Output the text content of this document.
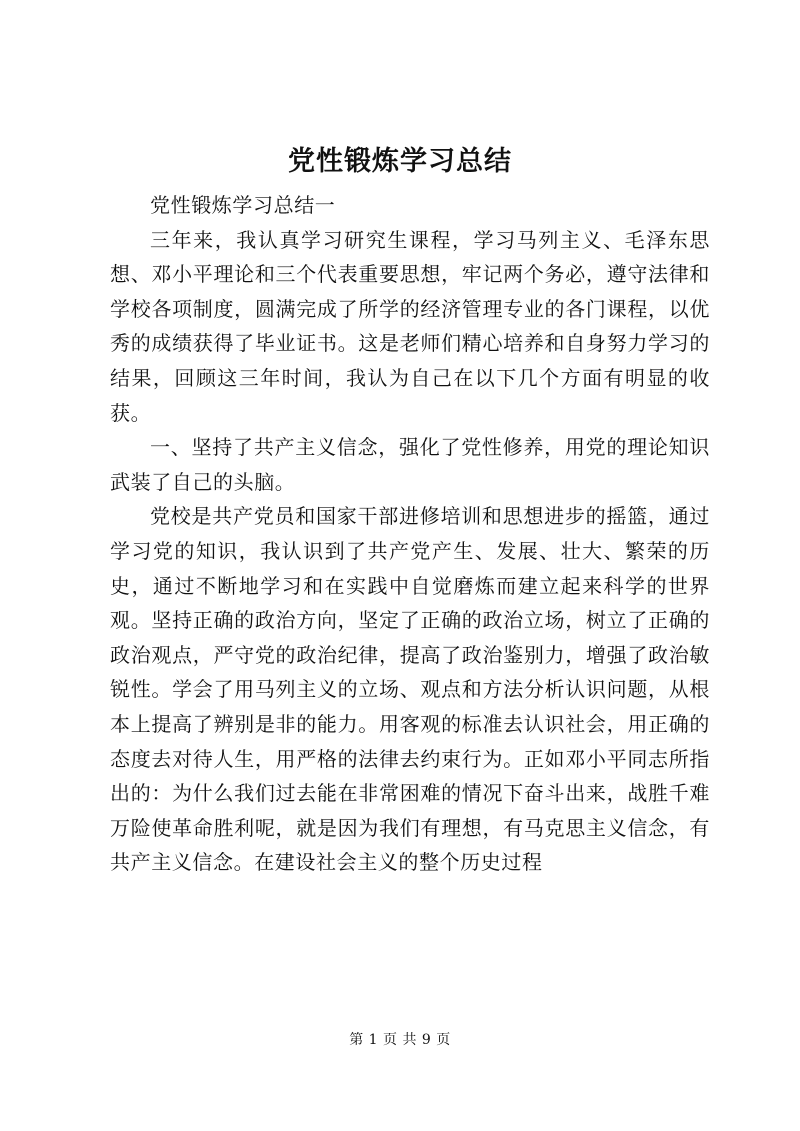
党性锻炼学习总结

党性锻炼学习总结一

三年来，我认真学习研究生课程，学习马列主义、毛泽东思想、邓小平理论和三个代表重要思想，牢记两个务必，遵守法律和学校各项制度，圆满完成了所学的经济管理专业的各门课程，以优秀的成绩获得了毕业证书。这是老师们精心培养和自身努力学习的结果，回顾这三年时间，我认为自己在以下几个方面有明显的收获。

一、坚持了共产主义信念，强化了党性修养，用党的理论知识武装了自己的头脑。

党校是共产党员和国家干部进修培训和思想进步的摇篮，通过学习党的知识，我认识到了共产党产生、发展、壮大、繁荣的历史，通过不断地学习和在实践中自觉磨炼而建立起来科学的世界观。坚持正确的政治方向，坚定了正确的政治立场，树立了正确的政治观点，严守党的政治纪律，提高了政治鉴别力，增强了政治敏锐性。学会了用马列主义的立场、观点和方法分析认识问题，从根本上提高了辨别是非的能力。用客观的标准去认识社会，用正确的态度去对待人生，用严格的法律去约束行为。正如邓小平同志所指出的：为什么我们过去能在非常困难的情况下奋斗出来，战胜千难万险使革命胜利呢，就是因为我们有理想，有马克思主义信念，有共产主义信念。在建设社会主义的整个历史过程

第 1 页 共 9 页
